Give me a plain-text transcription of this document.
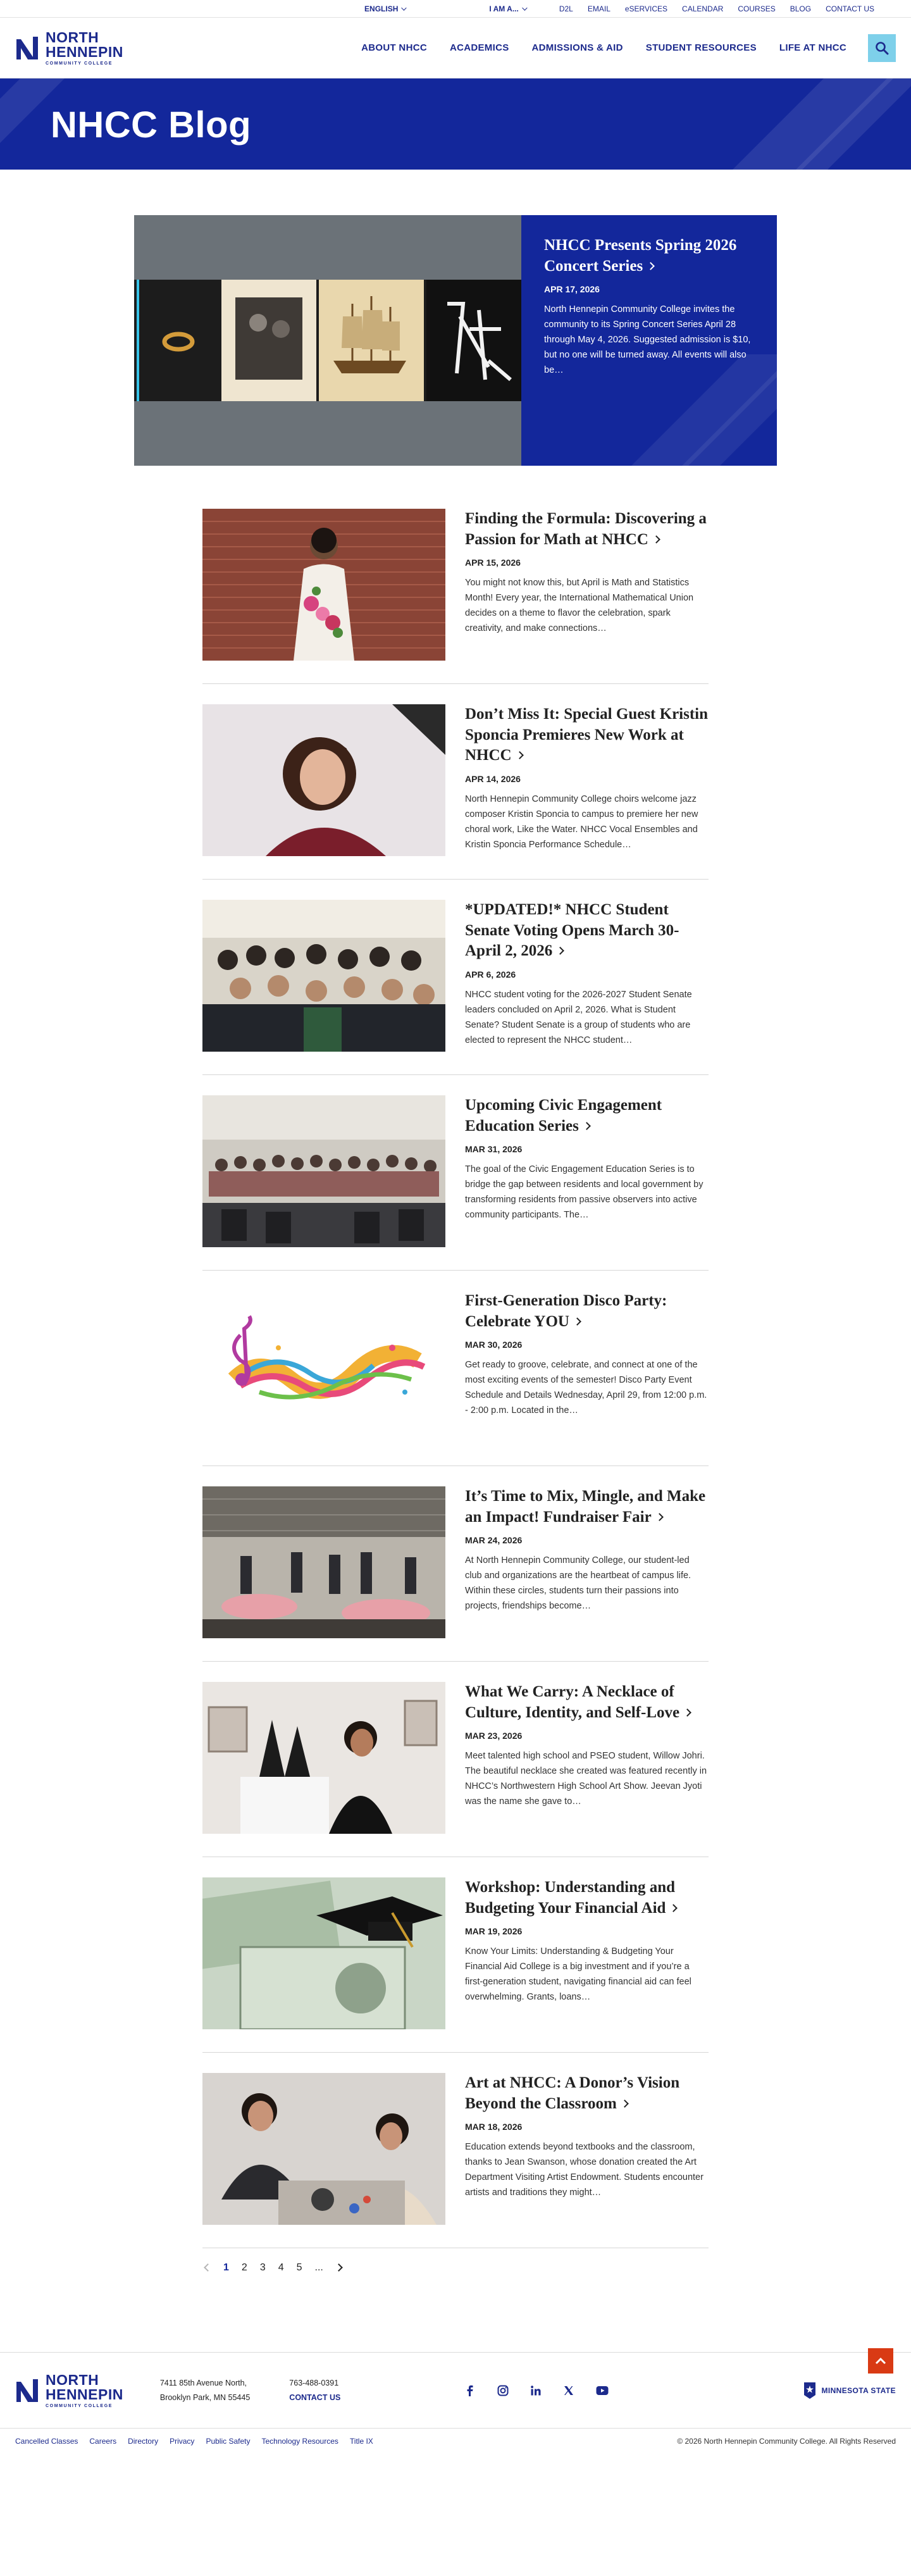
ENGLISH	I AM A...	D2L EMAIL eSERVICES CALENDAR COURSES BLOG CONTACT US
NORTH
HENNEPIN
COMMUNITY COLLEGE
ABOUT NHCC ACADEMICS ADMISSIONS & AID STUDENT RESOURCES LIFE AT NHCC
NHCC Blog
NHCC Presents Spring 2026 Concert Series
APR 17, 2026

North Hennepin Community College invites the community to its Spring Concert Series April 28 through May 4, 2026. Suggested admission is $10, but no one will be turned away. All events will also be…

Finding the Formula: Discovering a Passion for Math at NHCC
APR 15, 2026

You might not know this, but April is Math and Statistics Month! Every year, the International Mathematical Union decides on a theme to flavor the celebration, spark creativity, and make connections…

Don’t Miss It: Special Guest Kristin Sponcia Premieres New Work at NHCC
APR 14, 2026

North Hennepin Community College choirs welcome jazz composer Kristin Sponcia to campus to premiere her new choral work, Like the Water. NHCC Vocal Ensembles and Kristin Sponcia Performance Schedule…

*UPDATED!* NHCC Student Senate Voting Opens March 30-April 2, 2026
APR 6, 2026

NHCC student voting for the 2026-2027 Student Senate leaders concluded on April 2, 2026. What is Student Senate? Student Senate is a group of students who are elected to represent the NHCC student…

Upcoming Civic Engagement Education Series
MAR 31, 2026

The goal of the Civic Engagement Education Series is to bridge the gap between residents and local government by transforming residents from passive observers into active community participants. The…

First-Generation Disco Party: Celebrate YOU
MAR 30, 2026

Get ready to groove, celebrate, and connect at one of the most exciting events of the semester! Disco Party Event Schedule and Details Wednesday, April 29, from 12:00 p.m. - 2:00 p.m. Located in the…

It’s Time to Mix, Mingle, and Make an Impact! Fundraiser Fair
MAR 24, 2026

At North Hennepin Community College, our student-led club and organizations are the heartbeat of campus life. Within these circles, students turn their passions into projects, friendships become…

What We Carry: A Necklace of Culture, Identity, and Self-Love
MAR 23, 2026

Meet talented high school and PSEO student, Willow Johri. The beautiful necklace she created was featured recently in NHCC’s Northwestern High School Art Show. Jeevan Jyoti was the name she gave to…

Workshop: Understanding and Budgeting Your Financial Aid
MAR 19, 2026

Know Your Limits: Understanding & Budgeting Your Financial Aid College is a big investment and if you’re a first-generation student, navigating financial aid can feel overwhelming. Grants, loans…

Art at NHCC: A Donor’s Vision Beyond the Classroom
MAR 18, 2026

Education extends beyond textbooks and the classroom, thanks to Jean Swanson, whose donation created the Art Department Visiting Artist Endowment. Students encounter artists and traditions they might…

1 2 3 4 5 ...
NORTH
HENNEPIN
COMMUNITY COLLEGE
7411 85th Avenue North,
Brooklyn Park, MN 55445
763-488-0391
CONTACT US
MINNESOTA STATE
Cancelled Classes Careers Directory Privacy Public Safety Technology Resources Title IX	© 2026 North Hennepin Community College. All Rights Reserved
